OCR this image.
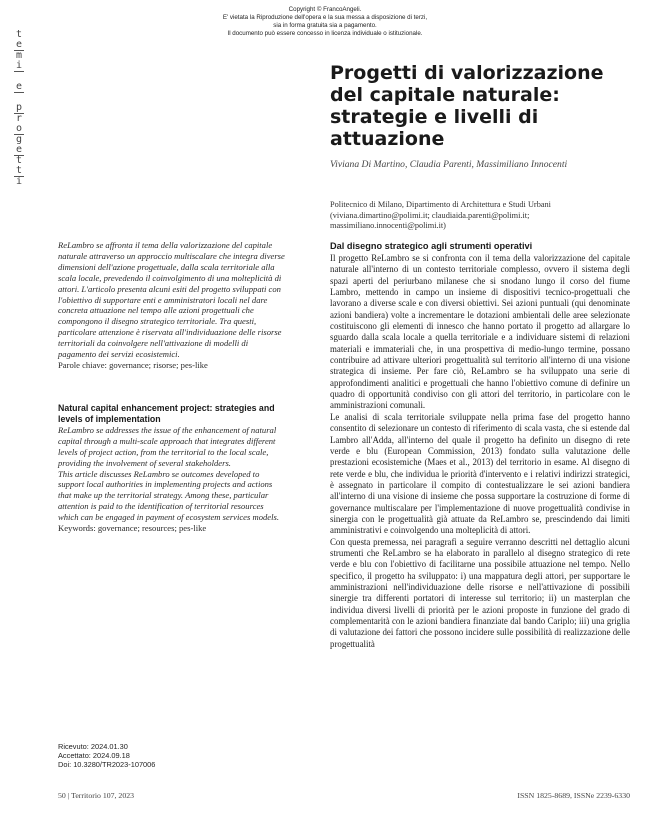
Copyright © FrancoAngeli.
E' vietata la Riproduzione dell'opera e la sua messa a disposizione di terzi,
sia in forma gratuita sia a pagamento.
Il documento può essere concesso in licenza individuale o istituzionale.
t
e
m
i

e

p
r
o
g
e
t
t
i
Progetti di valorizzazione del capitale naturale: strategie e livelli di attuazione
Viviana Di Martino, Claudia Parenti, Massimiliano Innocenti
Politecnico di Milano, Dipartimento di Architettura e Studi Urbani
(viviana.dimartino@polimi.it; claudiaida.parenti@polimi.it;
massimiliano.innocenti@polimi.it)
ReLambro se affronta il tema della valorizzazione del capitale naturale attraverso un approccio multiscalare che integra diverse dimensioni dell'azione progettuale, dalla scala territoriale alla scala locale, prevedendo il coinvolgimento di una molteplicità di attori. L'articolo presenta alcuni esiti del progetto sviluppati con l'obiettivo di supportare enti e amministratori locali nel dare concreta attuazione nel tempo alle azioni progettuali che compongono il disegno strategico territoriale. Tra questi, particolare attenzione è riservata all'individuazione delle risorse territoriali da coinvolgere nell'attivazione di modelli di pagamento dei servizi ecosistemici.
Parole chiave: governance; risorse; pes-like
Natural capital enhancement project: strategies and levels of implementation
ReLambro se addresses the issue of the enhancement of natural capital through a multi-scale approach that integrates different levels of project action, from the territorial to the local scale, providing the involvement of several stakeholders.
This article discusses ReLambro se outcomes developed to support local authorities in implementing projects and actions that make up the territorial strategy. Among these, particular attention is paid to the identification of territorial resources which can be engaged in payment of ecosystem services models.
Keywords: governance; resources; pes-like
Ricevuto: 2024.01.30
Accettato: 2024.09.18
Doi: 10.3280/TR2023-107006
Dal disegno strategico agli strumenti operativi

Il progetto ReLambro se si confronta con il tema della valorizzazione del capitale naturale all'interno di un contesto territoriale complesso, ovvero il sistema degli spazi aperti del periurbano milanese che si snodano lungo il corso del fiume Lambro, mettendo in campo un insieme di dispositivi tecnico-progettuali che lavorano a diverse scale e con diversi obiettivi. Sei azioni puntuali (qui denominate azioni bandiera) volte a incrementare le dotazioni ambientali delle aree selezionate costituiscono gli elementi di innesco che hanno portato il progetto ad allargare lo sguardo dalla scala locale a quella territoriale e a individuare sistemi di relazioni materiali e immateriali che, in una prospettiva di medio-lungo termine, possano contribuire ad attivare ulteriori progettualità sul territorio all'interno di una visione strategica di insieme. Per fare ciò, ReLambro se ha sviluppato una serie di approfondimenti analitici e progettuali che hanno l'obiettivo comune di definire un quadro di opportunità condiviso con gli attori del territorio, in particolare con le amministrazioni comunali.

Le analisi di scala territoriale sviluppate nella prima fase del progetto hanno consentito di selezionare un contesto di riferimento di scala vasta, che si estende dal Lambro all'Adda, all'interno del quale il progetto ha definito un disegno di rete verde e blu (European Commission, 2013) fondato sulla valutazione delle prestazioni ecosistemiche (Maes et al., 2013) del territorio in esame. Al disegno di rete verde e blu, che individua le priorità d'intervento e i relativi indirizzi strategici, è assegnato in particolare il compito di contestualizzare le sei azioni bandiera all'interno di una visione di insieme che possa supportare la costruzione di forme di governance multiscalare per l'implementazione di nuove progettualità condivise in sinergia con le progettualità già attuate da ReLambro se, prescindendo dai limiti amministrativi e coinvolgendo una molteplicità di attori.

Con questa premessa, nei paragrafi a seguire verranno descritti nel dettaglio alcuni strumenti che ReLambro se ha elaborato in parallelo al disegno strategico di rete verde e blu con l'obiettivo di facilitarne una possibile attuazione nel tempo. Nello specifico, il progetto ha sviluppato: i) una mappatura degli attori, per supportare le amministrazioni nell'individuazione delle risorse e nell'attivazione di possibili sinergie tra differenti portatori di interesse sul territorio; ii) un masterplan che individua diversi livelli di priorità per le azioni proposte in funzione del grado di complementarità con le azioni bandiera finanziate dal bando Cariplo; iii) una griglia di valutazione dei fattori che possono incidere sulle possibilità di realizzazione delle progettualità

50 | Territorio 107, 2023	ISSN 1825-8689, ISSNe 2239-6330
